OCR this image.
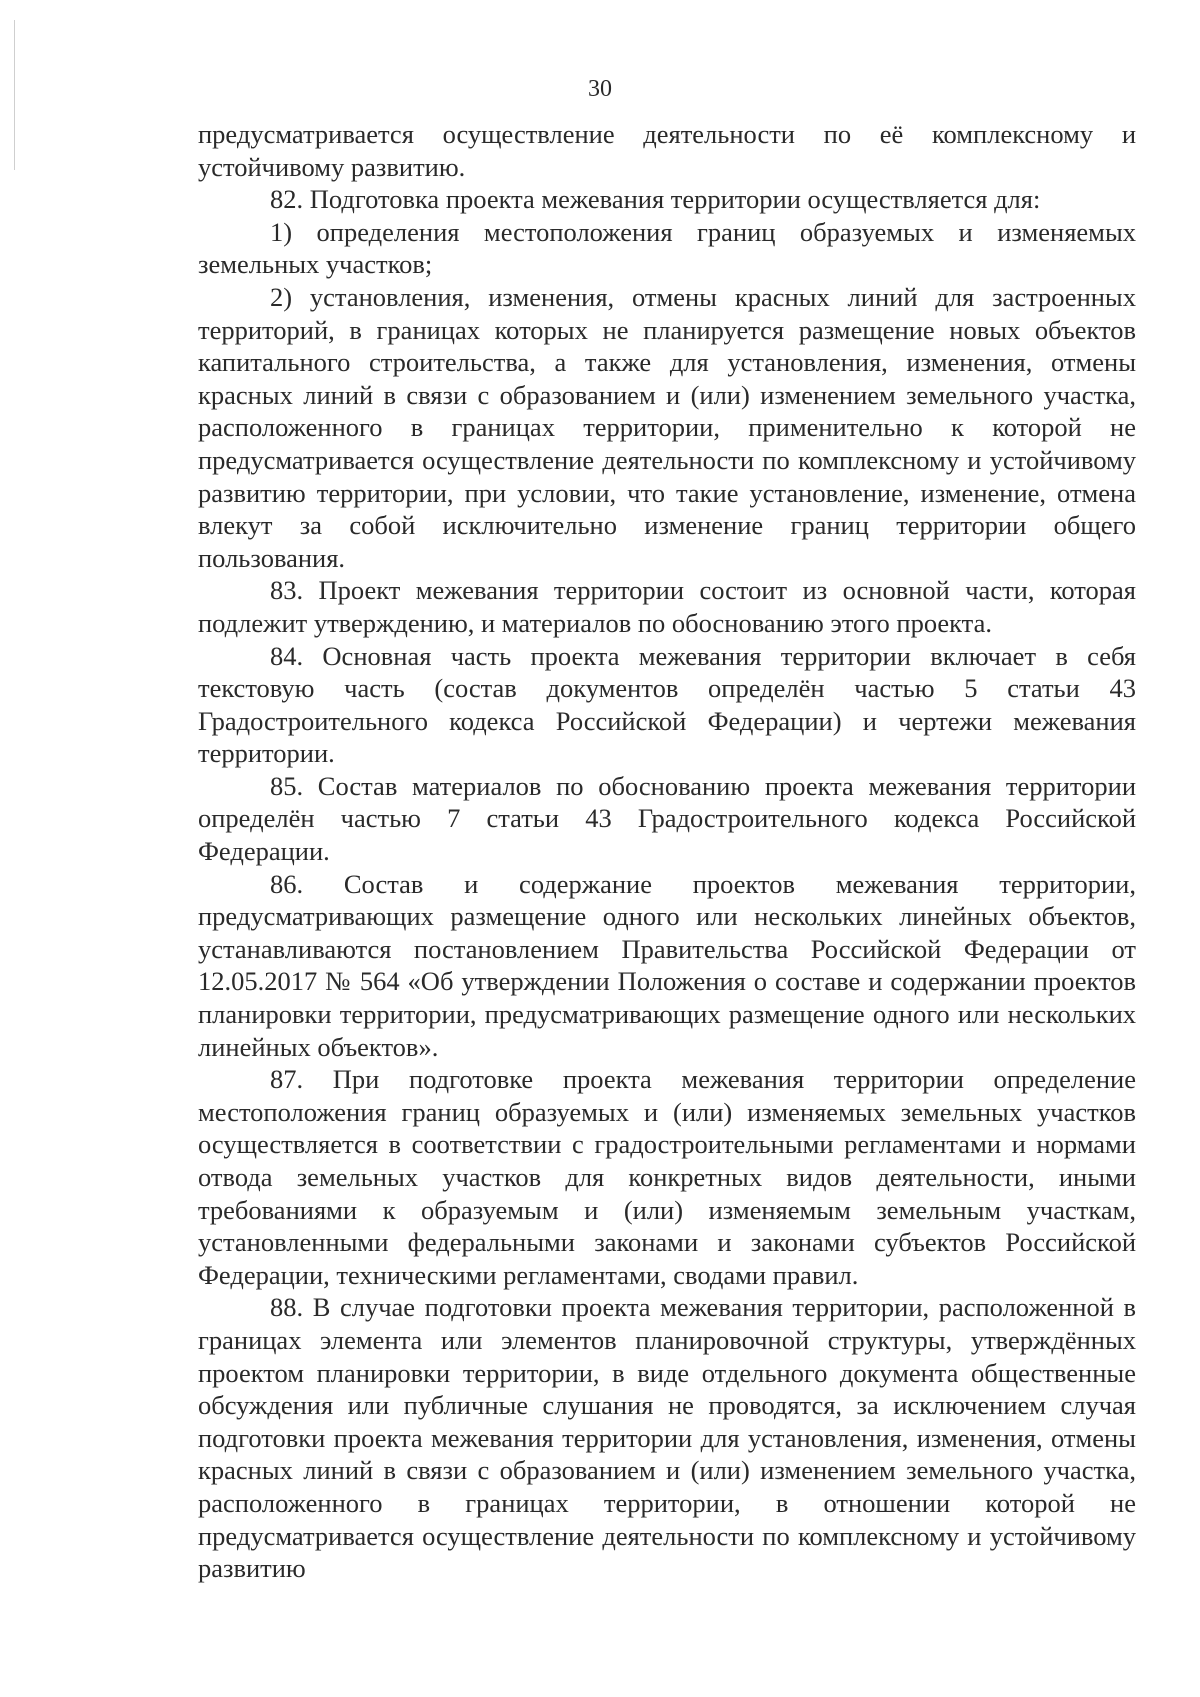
30

предусматривается осуществление деятельности по её комплексному и устойчивому развитию.

82. Подготовка проекта межевания территории осуществляется для:

1) определения местоположения границ образуемых и изменяемых земельных участков;

2) установления, изменения, отмены красных линий для застроенных территорий, в границах которых не планируется размещение новых объектов капитального строительства, а также для установления, изменения, отмены красных линий в связи с образованием и (или) изменением земельного участка, расположенного в границах территории, применительно к которой не предусматривается осуществление деятельности по комплексному и устойчивому развитию территории, при условии, что такие установление, изменение, отмена влекут за собой исключительно изменение границ территории общего пользования.

83. Проект межевания территории состоит из основной части, которая подлежит утверждению, и материалов по обоснованию этого проекта.

84. Основная часть проекта межевания территории включает в себя текстовую часть (состав документов определён частью 5 статьи 43 Градостроительного кодекса Российской Федерации) и чертежи межевания территории.

85. Состав материалов по обоснованию проекта межевания территории определён частью 7 статьи 43 Градостроительного кодекса Российской Федерации.

86. Состав и содержание проектов межевания территории, предусматривающих размещение одного или нескольких линейных объектов, устанавливаются постановлением Правительства Российской Федерации от 12.05.2017 № 564 «Об утверждении Положения о составе и содержании проектов планировки территории, предусматривающих размещение одного или нескольких линейных объектов».

87. При подготовке проекта межевания территории определение местоположения границ образуемых и (или) изменяемых земельных участков осуществляется в соответствии с градостроительными регламентами и нормами отвода земельных участков для конкретных видов деятельности, иными требованиями к образуемым и (или) изменяемым земельным участкам, установленными федеральными законами и законами субъектов Российской Федерации, техническими регламентами, сводами правил.

88. В случае подготовки проекта межевания территории, расположенной в границах элемента или элементов планировочной структуры, утверждённых проектом планировки территории, в виде отдельного документа общественные обсуждения или публичные слушания не проводятся, за исключением случая подготовки проекта межевания территории для установления, изменения, отмены красных линий в связи с образованием и (или) изменением земельного участка, расположенного в границах территории, в отношении которой не предусматривается осуществление деятельности по комплексному и устойчивому развитию
